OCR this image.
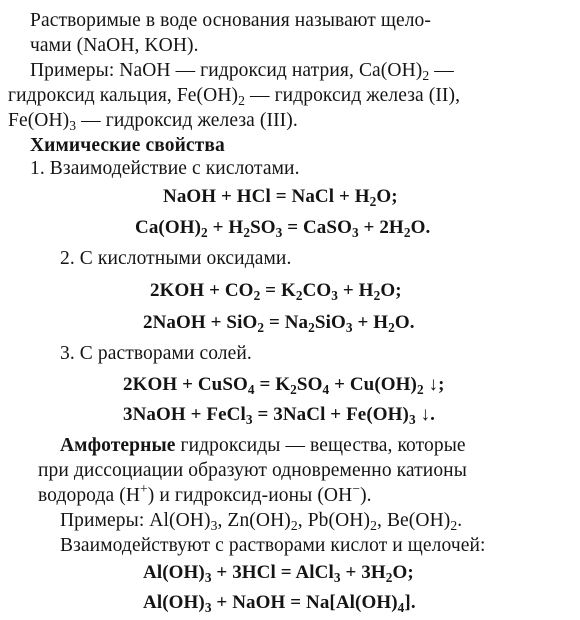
Растворимые в воде основания называют щело-
чами (NaOH, KOH).
Примеры: NaOH — гидроксид натрия, $Ca(OH)_2$ —
гидроксид кальция, $Fe(OH)_2$ — гидроксид железа (II),
$Fe(OH)_3$ — гидроксид железа (III).
Химические свойства
1. Взаимодействие с кислотами.
NaOH + HCl = NaCl + $H_2O$;
$Ca(OH)_2 + H_2SO_3$ = CaSO$_3$ + $2H_2O$.
2. С кислотными оксидами.
$2KOH + CO_2 = K_2CO_3 + H_2O$;
2NaOH + $SiO_2 = Na_2SiO_3 + H_2O$.
3. С растворами солей.
2KOH + CuSO$_4$ = $K_2SO_4 + Cu(OH)_2$ ↓;
3NaOH + FeCl$_3$ = 3NaCl + $Fe(OH)_3$ ↓.
Амфотерные гидроксиды — вещества, которые
при диссоциации образуют одновременно катионы
водорода (H+) и гидроксид-ионы (OH−).
Примеры: $Al(OH)_3$, $Zn(OH)_2$, $Pb(OH)_2$, $Be(OH)_2$.
Взаимодействуют с растворами кислот и щелочей:
$Al(OH)_3 + 3HCl$ = AlCl$_3$ + $3H_2O$;
$Al(OH)_3$ + NaOH = $Na[Al(OH)_4]$.
